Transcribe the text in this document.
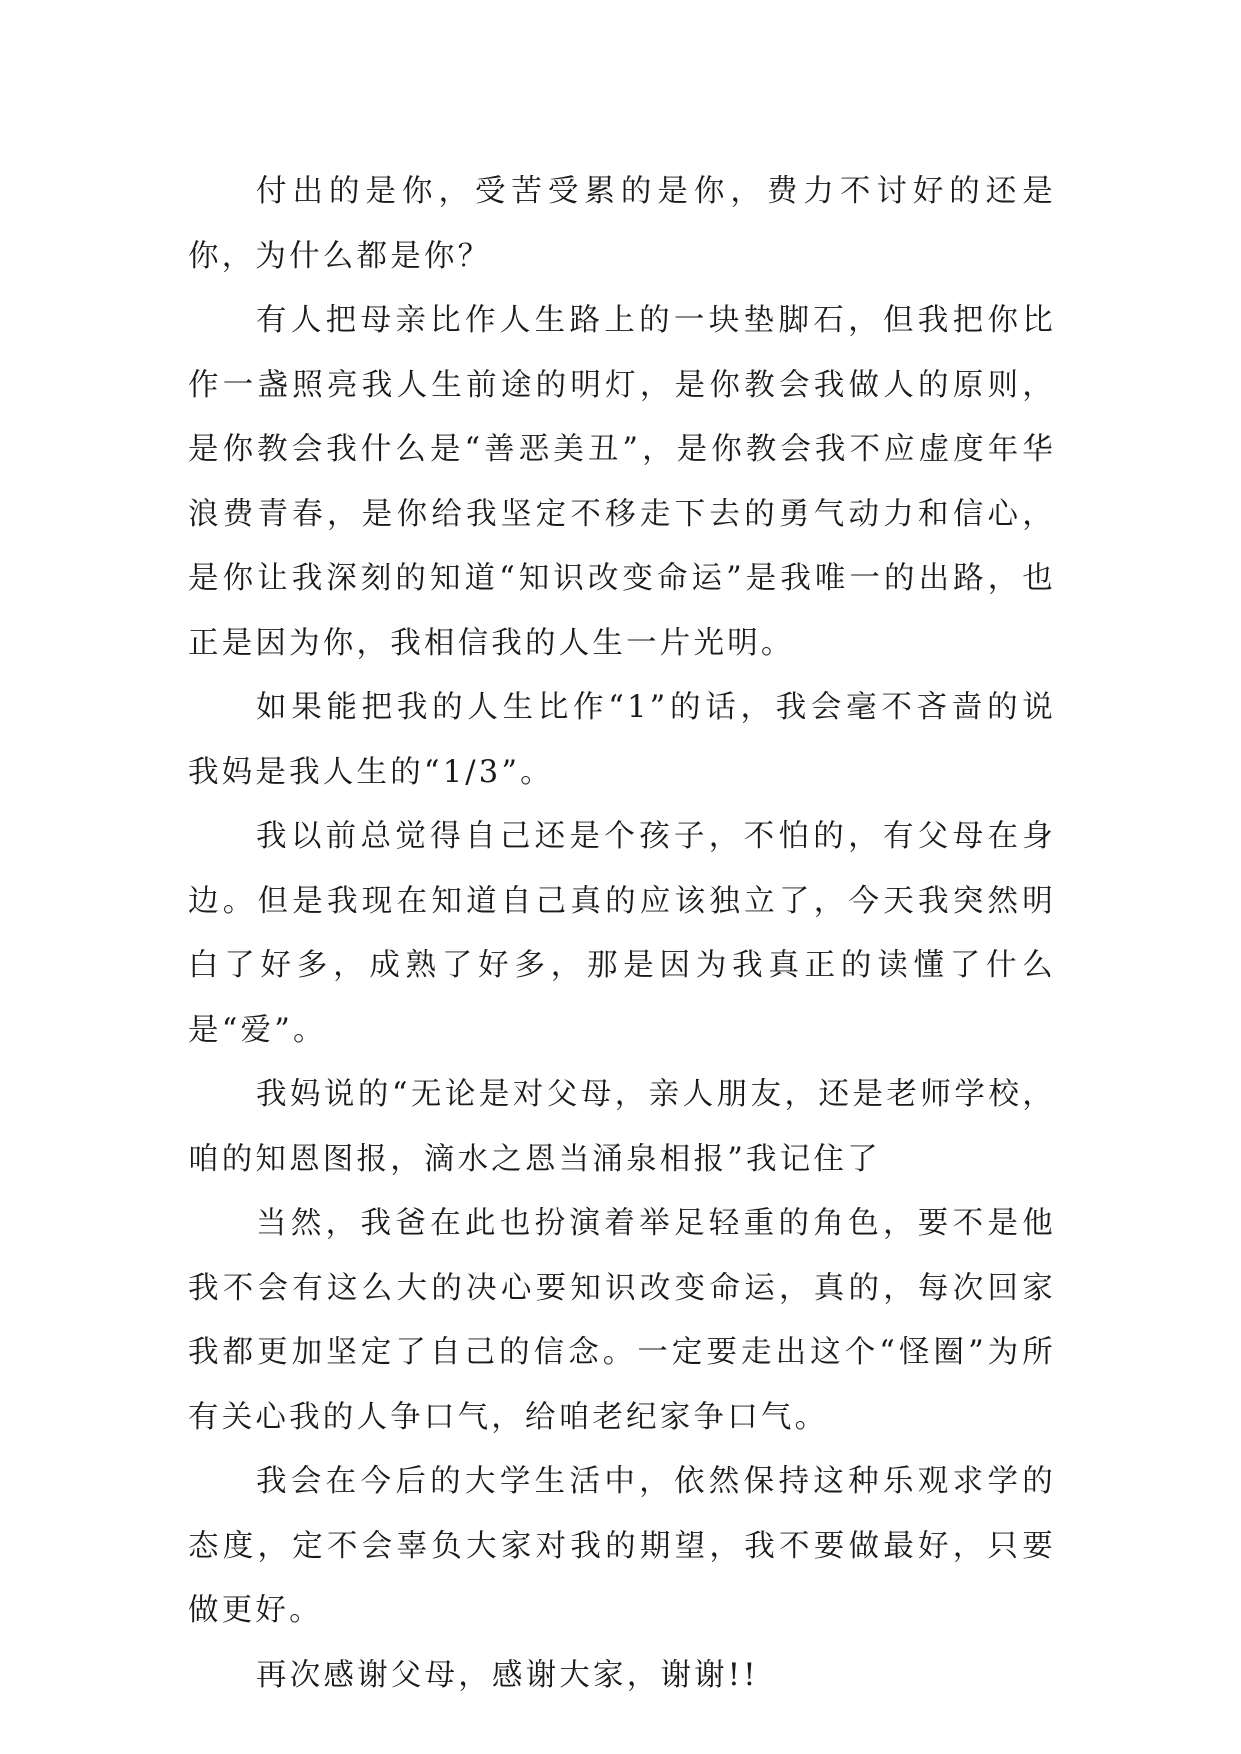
付出的是你，受苦受累的是你，费力不讨好的还是你，为什么都是你？

有人把母亲比作人生路上的一块垫脚石，但我把你比作一盏照亮我人生前途的明灯，是你教会我做人的原则，是你教会我什么是“善恶美丑”，是你教会我不应虚度年华浪费青春，是你给我坚定不移走下去的勇气动力和信心，是你让我深刻的知道“知识改变命运”是我唯一的出路，也正是因为你，我相信我的人生一片光明。

如果能把我的人生比作“1”的话，我会毫不吝啬的说我妈是我人生的“1/3”。

我以前总觉得自己还是个孩子，不怕的，有父母在身边。但是我现在知道自己真的应该独立了，今天我突然明白了好多，成熟了好多，那是因为我真正的读懂了什么是“爱”。

我妈说的“无论是对父母，亲人朋友，还是老师学校，咱的知恩图报，滴水之恩当涌泉相报”我记住了

当然，我爸在此也扮演着举足轻重的角色，要不是他我不会有这么大的决心要知识改变命运，真的，每次回家我都更加坚定了自己的信念。一定要走出这个“怪圈”为所有关心我的人争口气，给咱老纪家争口气。

我会在今后的大学生活中，依然保持这种乐观求学的态度，定不会辜负大家对我的期望，我不要做最好，只要做更好。

再次感谢父母，感谢大家，谢谢!!
